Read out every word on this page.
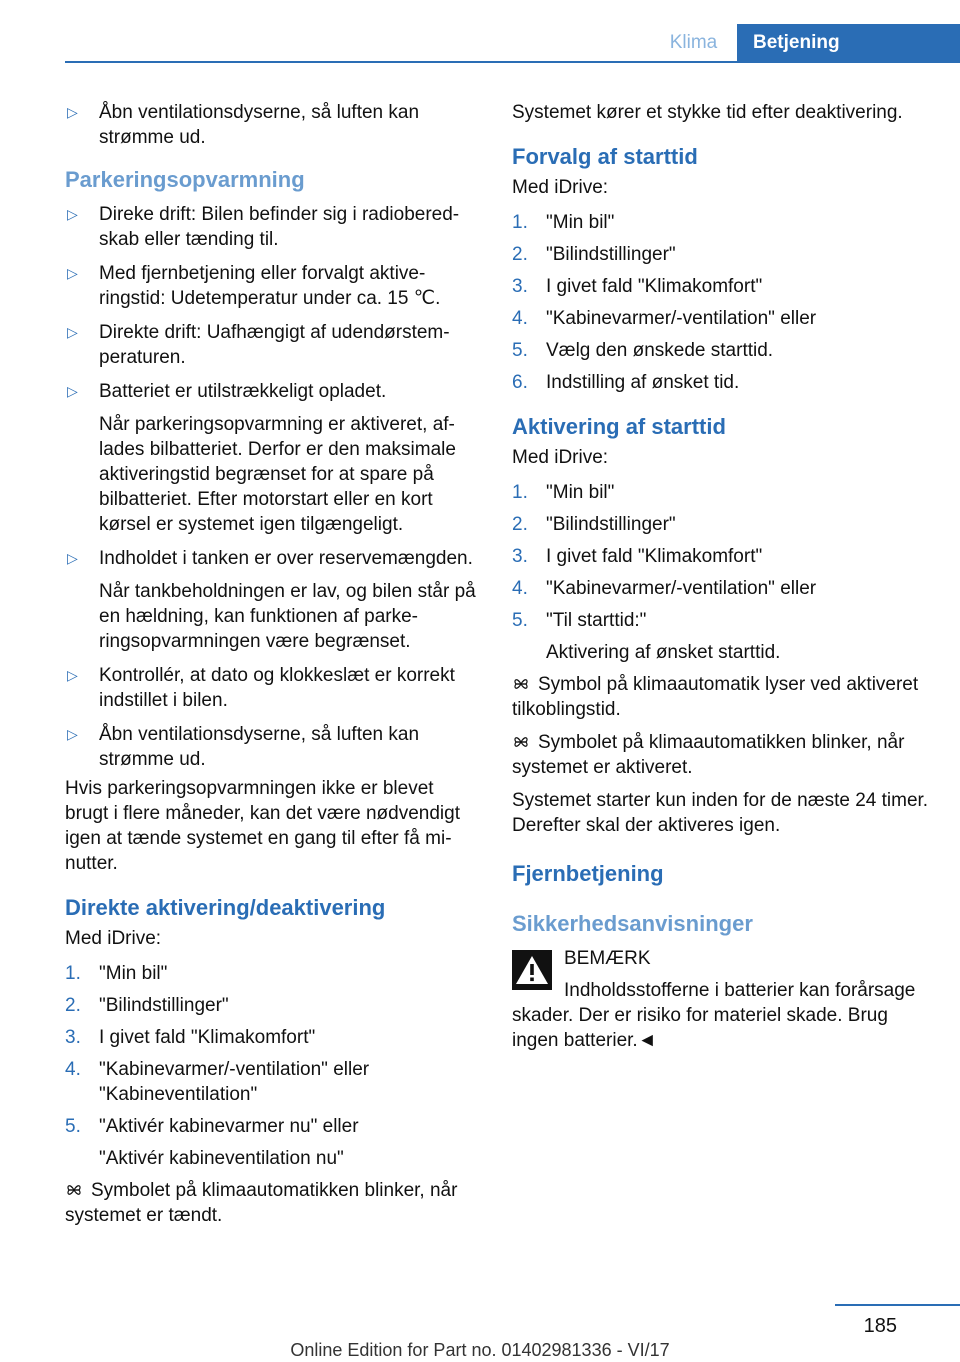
Klima	Betjening
▷ Åbn ventilationsdyserne, så luften kan strømme ud.
Parkeringsopvarmning
▷ Direke drift: Bilen befinder sig i radioberedskab eller tænding til.
▷ Med fjernbetjening eller forvalgt aktiveringstid: Udetemperatur under ca. 15 ℃.
▷ Direkte drift: Uafhængigt af udendørstemperaturen.
▷ Batteriet er utilstrækkeligt opladet.
Når parkeringsopvarmning er aktiveret, aflades bilbatteriet. Derfor er den maksimale aktiveringstid begrænset for at spare på bilbatteriet. Efter motorstart eller en kort kørsel er systemet igen tilgængeligt.
▷ Indholdet i tanken er over reservemængden.
Når tankbeholdningen er lav, og bilen står på en hældning, kan funktionen af parkeringsopvarmningen være begrænset.
▷ Kontrollér, at dato og klokkeslæt er korrekt indstillet i bilen.
▷ Åbn ventilationsdyserne, så luften kan strømme ud.
Hvis parkeringsopvarmningen ikke er blevet brugt i flere måneder, kan det være nødvendigt igen at tænde systemet en gang til efter få minutter.
Direkte aktivering/deaktivering
Med iDrive:
1. "Min bil"
2. "Bilindstillinger"
3. I givet fald "Klimakomfort"
4. "Kabinevarmer/-ventilation" eller "Kabineventilation"
5. "Aktivér kabinevarmer nu" eller
"Aktivér kabineventilation nu"
Symbolet på klimaautomatikken blinker, når systemet er tændt.
Systemet kører et stykke tid efter deaktivering.
Forvalg af starttid
Med iDrive:
1. "Min bil"
2. "Bilindstillinger"
3. I givet fald "Klimakomfort"
4. "Kabinevarmer/-ventilation" eller
5. Vælg den ønskede starttid.
6. Indstilling af ønsket tid.
Aktivering af starttid
Med iDrive:
1. "Min bil"
2. "Bilindstillinger"
3. I givet fald "Klimakomfort"
4. "Kabinevarmer/-ventilation" eller
5. "Til starttid:"
Aktivering af ønsket starttid.
Symbol på klimaautomatik lyser ved aktiveret tilkoblingstid.
Symbolet på klimaautomatikken blinker, når systemet er aktiveret.
Systemet starter kun inden for de næste 24 timer. Derefter skal der aktiveres igen.
Fjernbetjening
Sikkerhedsanvisninger
BEMÆRK
Indholdsstofferne i batterier kan forårsage skader. Der er risiko for materiel skade. Brug ingen batterier.◄
185
Online Edition for Part no. 01402981336 - VI/17
